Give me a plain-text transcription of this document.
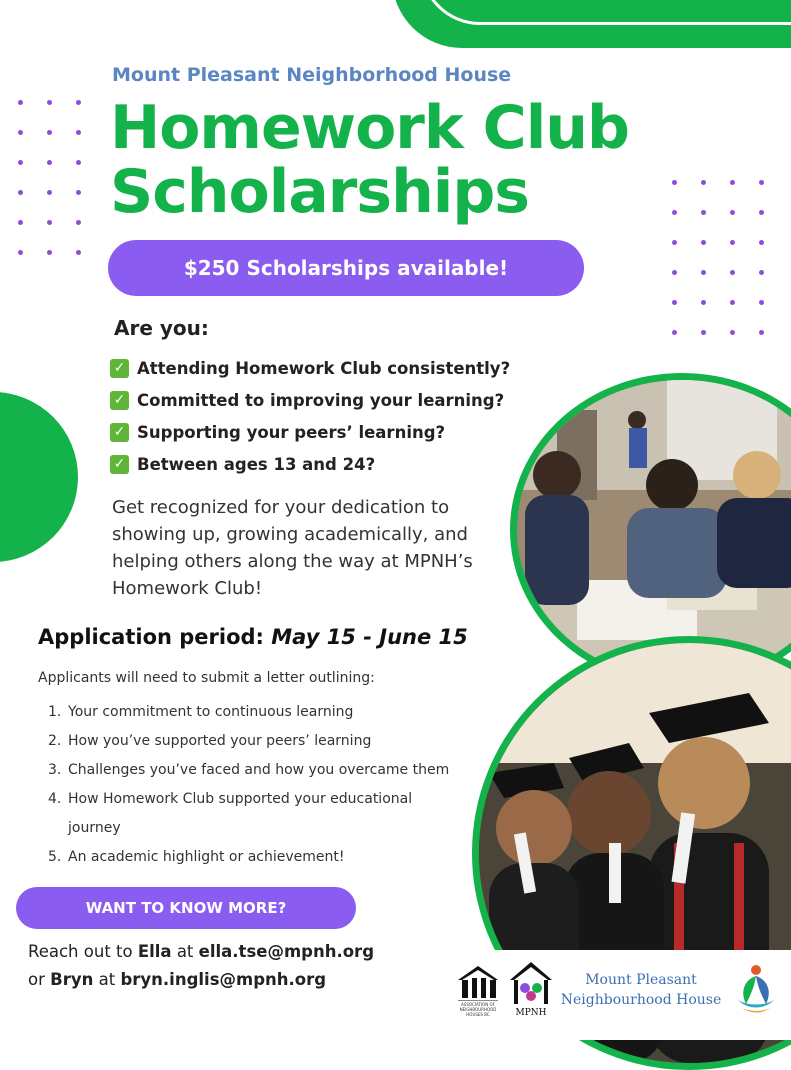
Mount Pleasant Neighborhood House
Homework Club
Scholarships
$250 Scholarships available!
Are you:
✓ Attending Homework Club consistently?
✓ Committed to improving your learning?
✓ Supporting your peers’ learning?
✓ Between ages 13 and 24?
Get recognized for your dedication to showing up, growing academically, and helping others along the way at MPNH’s Homework Club!
Application period: May 15 - June 15
Applicants will need to submit a letter outlining:
1. Your commitment to continuous learning
2. How you’ve supported your peers’ learning
3. Challenges you’ve faced and how you overcame them
4. How Homework Club supported your educational journey
5. An academic highlight or achievement!
WANT TO KNOW MORE?
Reach out to Ella at ella.tse@mpnh.org
or Bryn at bryn.inglis@mpnh.org
ASSOCIATION OF
NEIGHBOURHOOD
HOUSES BC	MPNH
Mount Pleasant
Neighbourhood House
